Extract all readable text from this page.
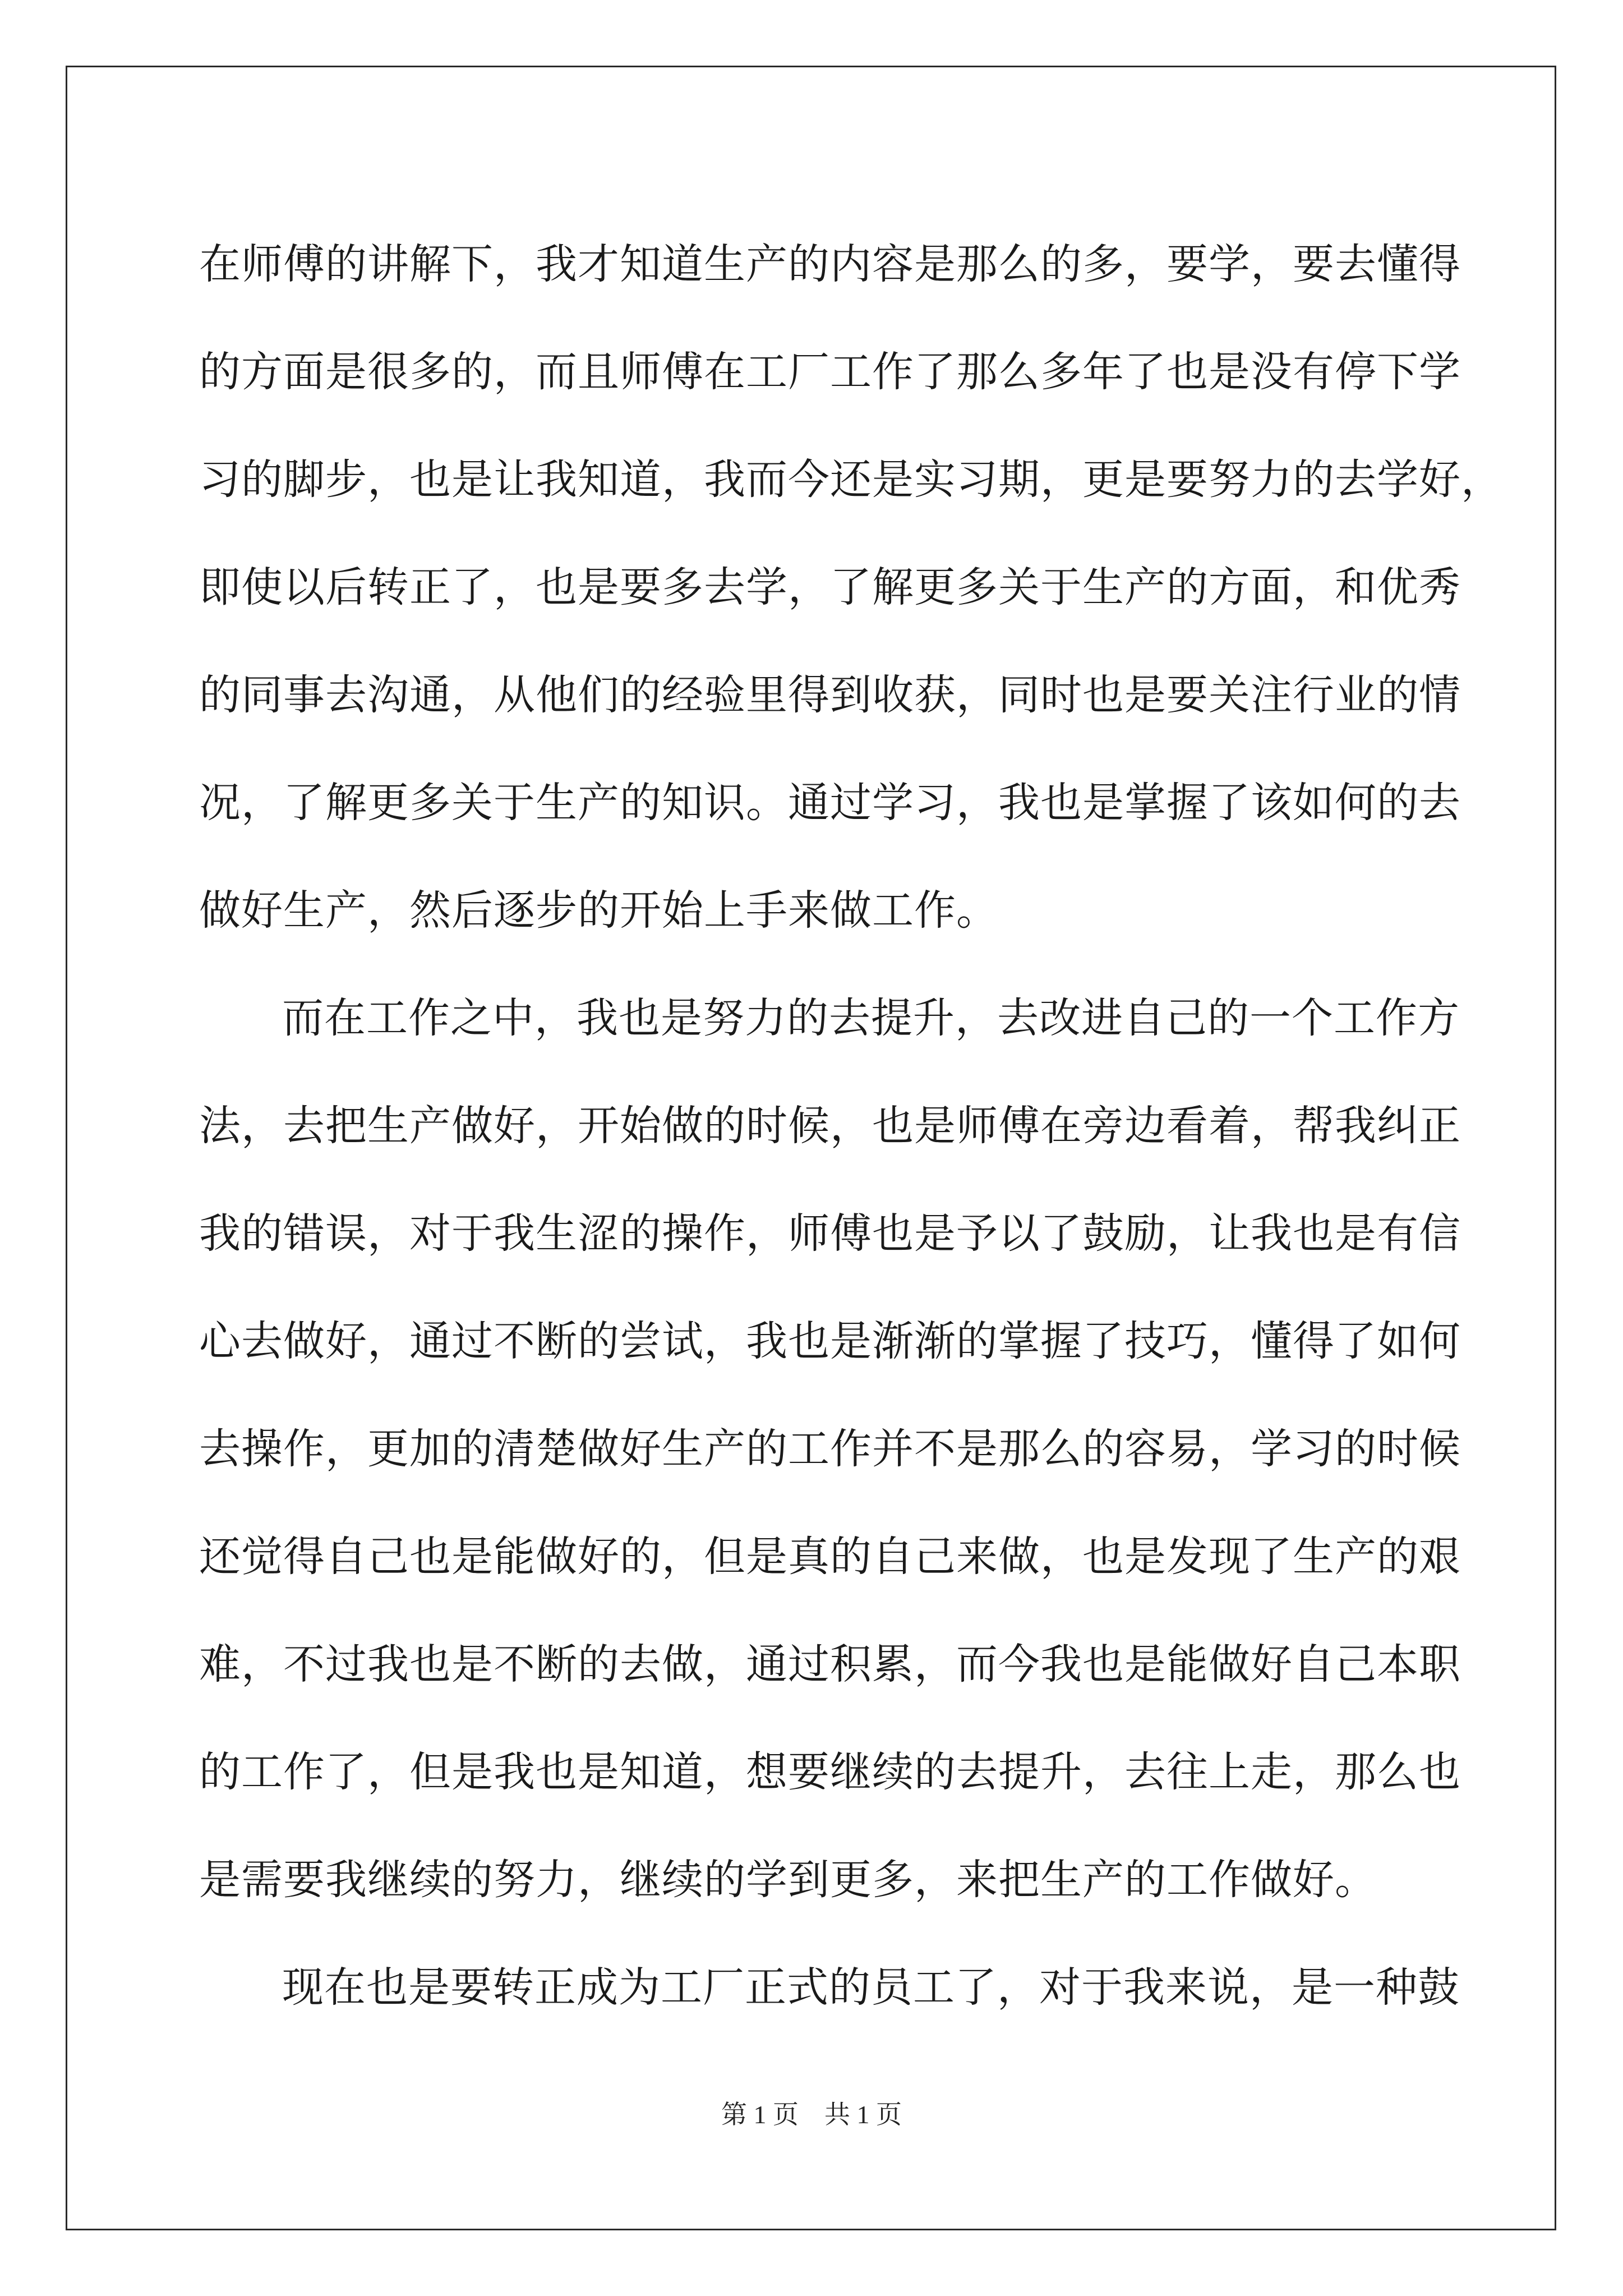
在师傅的讲解下，我才知道生产的内容是那么的多，要学，要去懂得
的方面是很多的，而且师傅在工厂工作了那么多年了也是没有停下学
习的脚步，也是让我知道，我而今还是实习期，更是要努力的去学好，
即使以后转正了，也是要多去学，了解更多关于生产的方面，和优秀
的同事去沟通，从他们的经验里得到收获，同时也是要关注行业的情
况，了解更多关于生产的知识。通过学习，我也是掌握了该如何的去
做好生产，然后逐步的开始上手来做工作。
而在工作之中，我也是努力的去提升，去改进自己的一个工作方
法，去把生产做好，开始做的时候，也是师傅在旁边看着，帮我纠正
我的错误，对于我生涩的操作，师傅也是予以了鼓励，让我也是有信
心去做好，通过不断的尝试，我也是渐渐的掌握了技巧，懂得了如何
去操作，更加的清楚做好生产的工作并不是那么的容易，学习的时候
还觉得自己也是能做好的，但是真的自己来做，也是发现了生产的艰
难，不过我也是不断的去做，通过积累，而今我也是能做好自己本职
的工作了，但是我也是知道，想要继续的去提升，去往上走，那么也
是需要我继续的努力，继续的学到更多，来把生产的工作做好。
现在也是要转正成为工厂正式的员工了，对于我来说，是一种鼓
第 1 页　共 1 页
